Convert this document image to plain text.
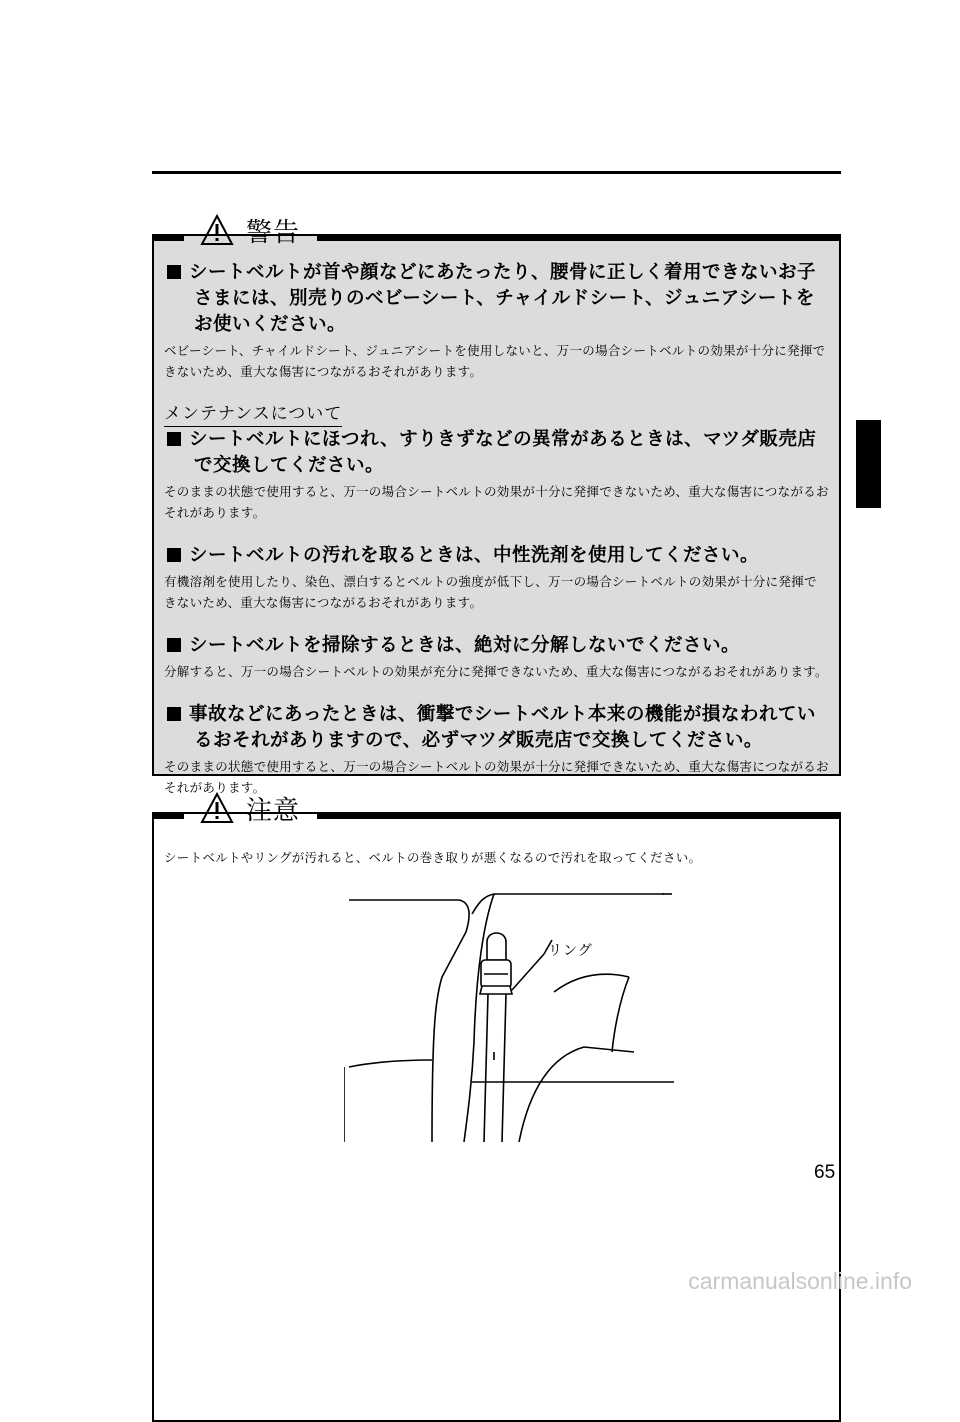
警告

シートベルトが首や顔などにあたったり、腰骨に正しく着用できないお子さまには、別売りのベビーシート、チャイルドシート、ジュニアシートをお使いください。

ベビーシート、チャイルドシート、ジュニアシートを使用しないと、万一の場合シートベルトの効果が十分に発揮できないため、重大な傷害につながるおそれがあります。

メンテナンスについて

シートベルトにほつれ、すりきずなどの異常があるときは、マツダ販売店で交換してください。

そのままの状態で使用すると、万一の場合シートベルトの効果が十分に発揮できないため、重大な傷害につながるおそれがあります。

シートベルトの汚れを取るときは、中性洗剤を使用してください。

有機溶剤を使用したり、染色、漂白するとベルトの強度が低下し、万一の場合シートベルトの効果が十分に発揮できないため、重大な傷害につながるおそれがあります。

シートベルトを掃除するときは、絶対に分解しないでください。

分解すると、万一の場合シートベルトの効果が充分に発揮できないため、重大な傷害につながるおそれがあります。

事故などにあったときは、衝撃でシートベルト本来の機能が損なわれているおそれがありますので、必ずマツダ販売店で交換してください。

そのままの状態で使用すると、万一の場合シートベルトの効果が十分に発揮できないため、重大な傷害につながるおそれがあります。

注意

シートベルトやリングが汚れると、ベルトの巻き取りが悪くなるので汚れを取ってください。

リング
65
carmanualsonline.info
